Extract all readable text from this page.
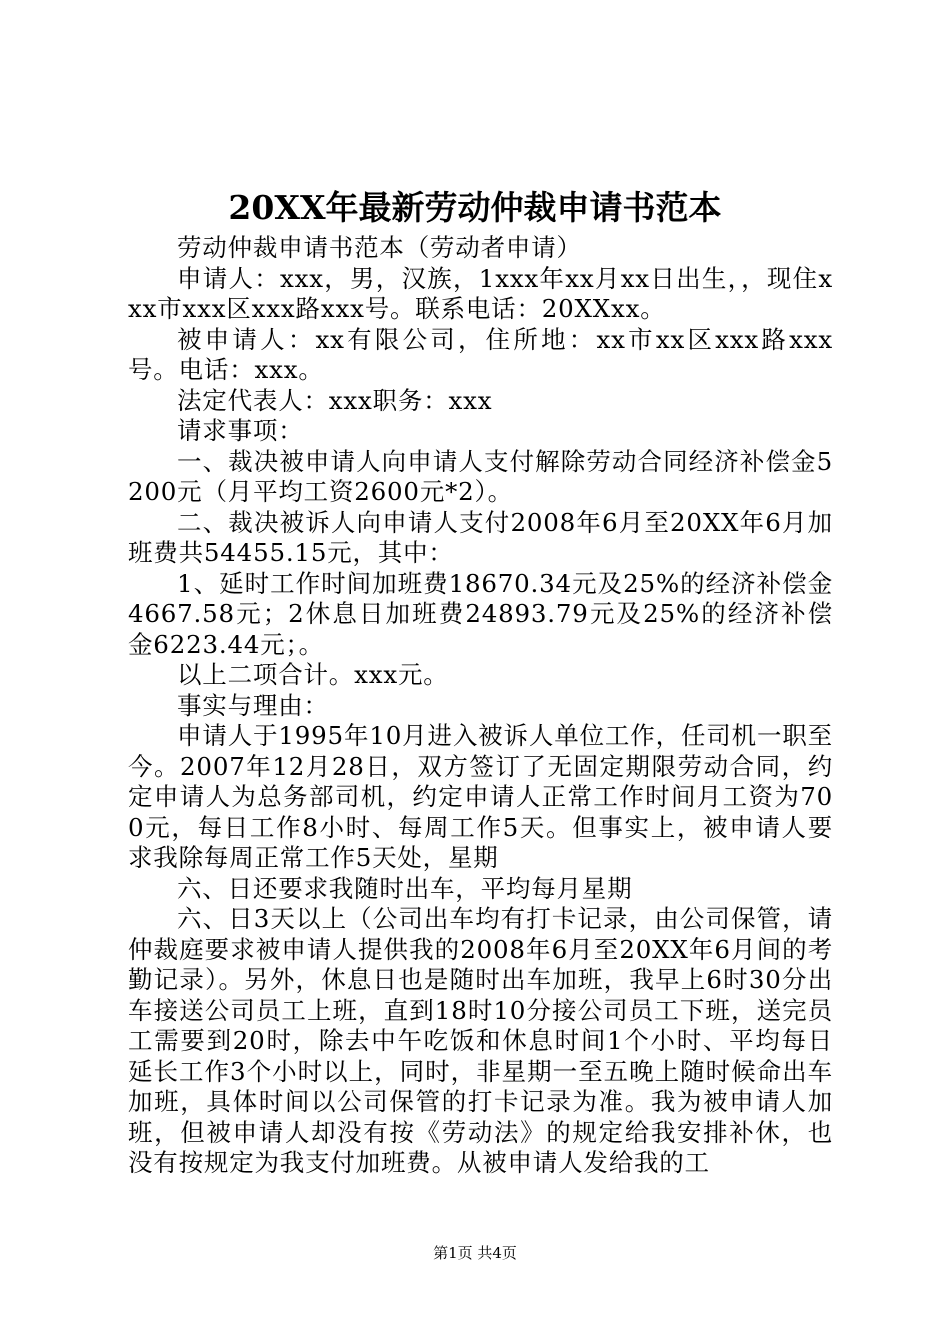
20XX年最新劳动仲裁申请书范本

劳动仲裁申请书范本（劳动者申请）

申请人：xxx，男，汉族，1xxx年xx月xx日出生，，现住xxx市xxx区xxx路xxx号。联系电话：20XXxx。

被申请人：xx有限公司，住所地：xx市xx区xxx路xxx号。电话：xxx。

法定代表人：xxx职务：xxx

请求事项：

一、裁决被申请人向申请人支付解除劳动合同经济补偿金5200元（月平均工资2600元*2）。

二、裁决被诉人向申请人支付2008年6月至20XX年6月加班费共54455.15元，其中：

1、延时工作时间加班费18670.34元及25%的经济补偿金4667.58元；2休息日加班费24893.79元及25%的经济补偿金6223.44元；。

以上二项合计。xxx元。

事实与理由：

申请人于1995年10月进入被诉人单位工作，任司机一职至今。2007年12月28日，双方签订了无固定期限劳动合同，约定申请人为总务部司机，约定申请人正常工作时间月工资为700元，每日工作8小时、每周工作5天。但事实上，被申请人要求我除每周正常工作5天处，星期

六、日还要求我随时出车，平均每月星期

六、日3天以上（公司出车均有打卡记录，由公司保管，请仲裁庭要求被申请人提供我的2008年6月至20XX年6月间的考勤记录）。另外，休息日也是随时出车加班，我早上6时30分出车接送公司员工上班，直到18时10分接公司员工下班，送完员工需要到20时，除去中午吃饭和休息时间1个小时、平均每日延长工作3个小时以上，同时，非星期一至五晚上随时候命出车加班，具体时间以公司保管的打卡记录为准。我为被申请人加班，但被申请人却没有按《劳动法》的规定给我安排补休，也没有按规定为我支付加班费。从被申请人发给我的工

第1页 共4页
